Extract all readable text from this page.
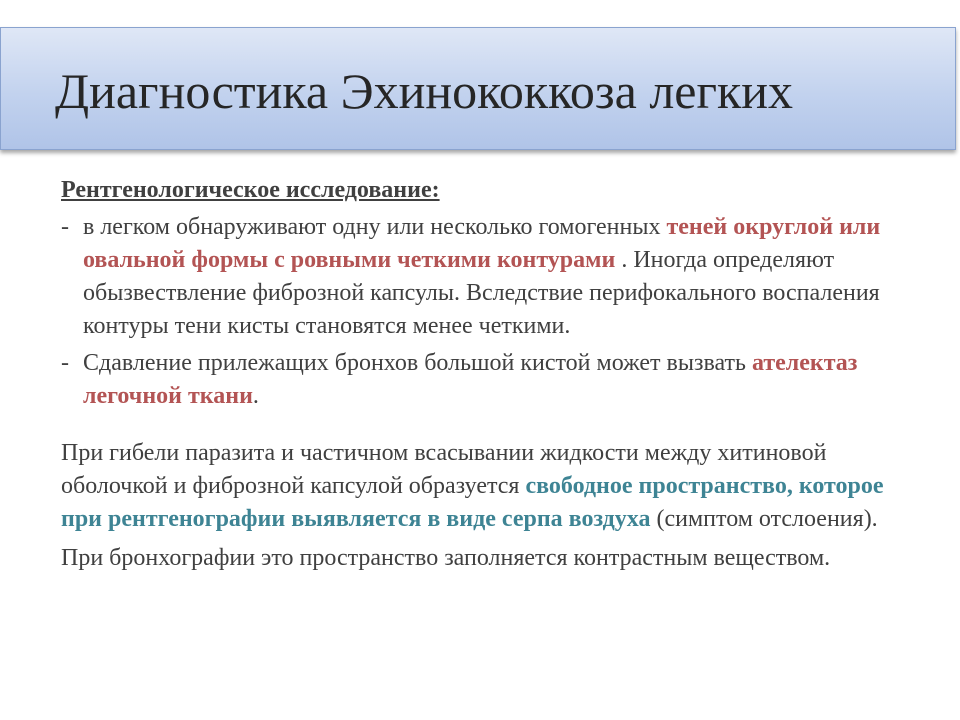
Диагностика Эхинококкоза легких
Рентгенологическое исследование:
- в легком обнаруживают одну или несколько гомогенных теней округлой или овальной формы с ровными четкими контурами . Иногда определяют обызвествление фиброзной капсулы. Вследствие перифокального воспаления контуры тени кисты становятся менее четкими.
- Сдавление прилежащих бронхов большой кистой может вызвать ателектаз легочной ткани.
При гибели паразита и частичном всасывании жидкости между хитиновой оболочкой и фиброзной капсулой образуется свободное пространство, которое при рентгенографии выявляется в виде серпа воздуха (симптом отслоения).
При бронхографии это пространство заполняется контрастным веществом.
